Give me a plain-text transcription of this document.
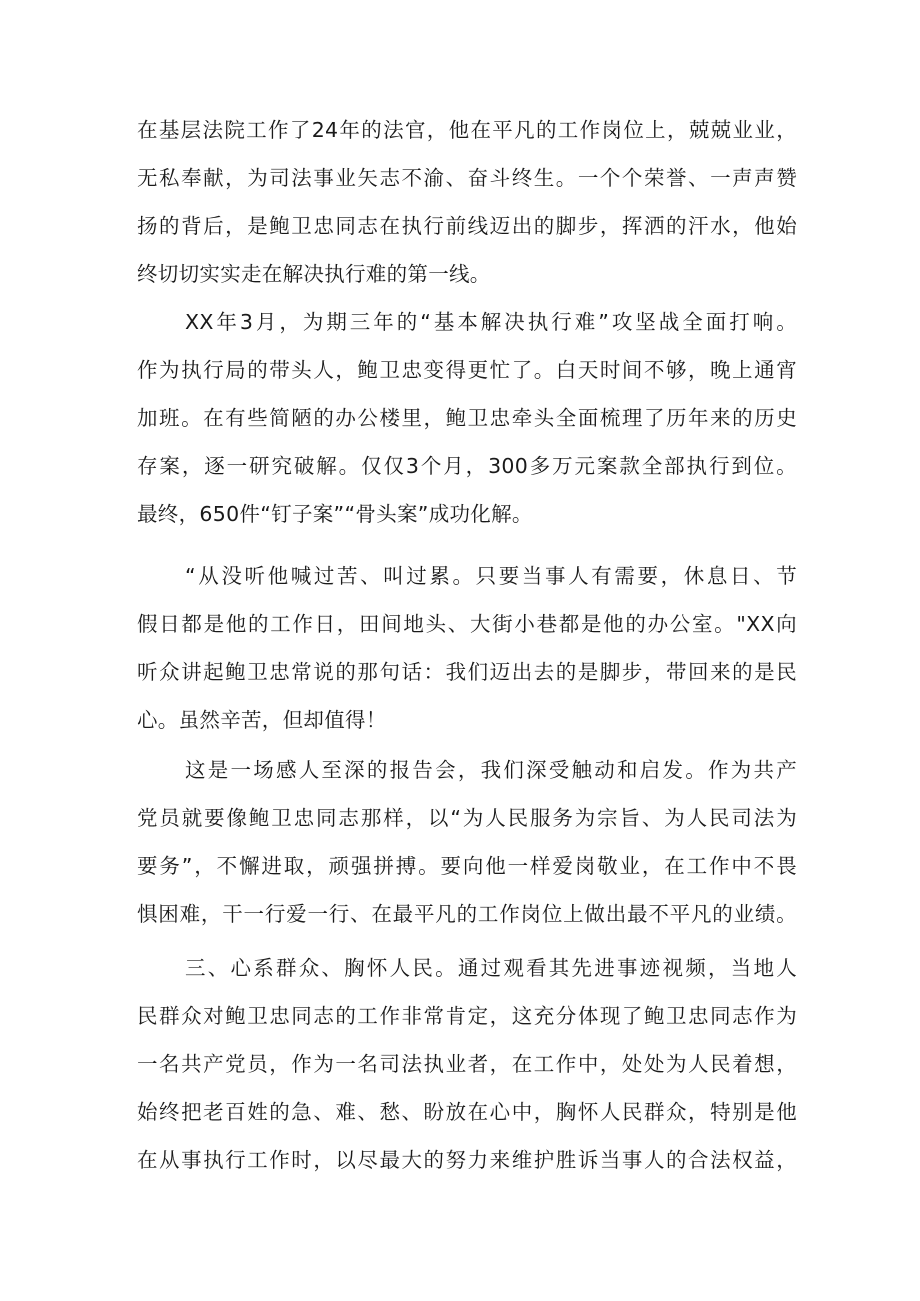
在基层法院工作了24年的法官，他在平凡的工作岗位上，兢兢业业，
无私奉献，为司法事业矢志不渝、奋斗终生。一个个荣誉、一声声赞
扬的背后，是鲍卫忠同志在执行前线迈出的脚步，挥洒的汗水，他始
终切切实实走在解决执行难的第一线。
XX年3月，为期三年的“基本解决执行难”攻坚战全面打响。
作为执行局的带头人，鲍卫忠变得更忙了。白天时间不够，晚上通宵
加班。在有些简陋的办公楼里，鲍卫忠牵头全面梳理了历年来的历史
存案，逐一研究破解。仅仅3个月，300多万元案款全部执行到位。
最终，650件“钉子案”“骨头案”成功化解。
“从没听他喊过苦、叫过累。只要当事人有需要，休息日、节
假日都是他的工作日，田间地头、大街小巷都是他的办公室。"XX向
听众讲起鲍卫忠常说的那句话：我们迈出去的是脚步，带回来的是民
心。虽然辛苦，但却值得！
这是一场感人至深的报告会，我们深受触动和启发。作为共产
党员就要像鲍卫忠同志那样，以“为人民服务为宗旨、为人民司法为
要务”，不懈进取，顽强拼搏。要向他一样爱岗敬业，在工作中不畏
惧困难，干一行爱一行、在最平凡的工作岗位上做出最不平凡的业绩。
三、心系群众、胸怀人民。通过观看其先进事迹视频，当地人
民群众对鲍卫忠同志的工作非常肯定，这充分体现了鲍卫忠同志作为
一名共产党员，作为一名司法执业者，在工作中，处处为人民着想，
始终把老百姓的急、难、愁、盼放在心中，胸怀人民群众，特别是他
在从事执行工作时，以尽最大的努力来维护胜诉当事人的合法权益，
